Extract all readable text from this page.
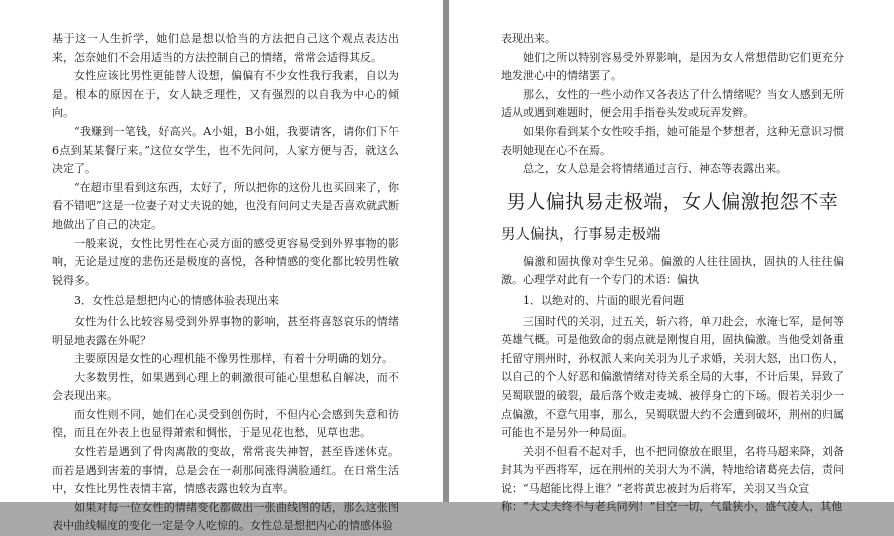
基于这一人生折学，她们总是想以恰当的方法把自己这个观点表达出来，怎奈她们不会用适当的方法控制自己的情绪，常常会适得其反。

女性应该比男性更能替人设想，偏偏有不少女性我行我素，自以为是。根本的原因在于，女人缺乏理性，又有强烈的以自我为中心的倾向。

“我赚到一笔钱，好高兴。A小姐，B小姐，我要请客，请你们下午6点到某某餐厅来。”这位女学生，也不先问问，人家方便与否，就这么决定了。

“在超市里看到这东西，太好了，所以把你的这份儿也买回来了，你看不错吧”这是一位妻子对丈夫说的她，也没有问问丈夫是否喜欢就武断地做出了自己的决定。

一般来说，女性比男性在心灵方面的感受更容易受到外界事物的影响，无论是过度的悲伤还是极度的喜悦，各种情感的变化都比较男性敏锐得多。

3．女性总是想把内心的情感体验表现出来

女性为什么比较容易受到外界事物的影响，甚至将喜怒哀乐的情绪明显地表露在外呢？

主要原因是女性的心理机能不像男性那样，有着十分明确的划分。

大多数男性，如果遇到心理上的刺激很可能心里想私自解决，而不会表现出来。

而女性则不同，她们在心灵受到创伤时，不但内心会感到失意和彷徨，而且在外表上也显得萧索和惆怅，于是见花也愁，见草也悲。

女性若是遇到了骨肉离散的变故，常常丧失神智，甚至昏迷休克。而若是遇到害羞的事情，总是会在一刹那间涨得满脸通红。在日常生活中，女性比男性表情丰富，情感表露也较为直率。

如果对每一位女性的情绪变化都做出一张曲线图的话，那么这张图表中曲线幅度的变化一定是令人吃惊的。女性总是想把内心的情感体验

表现出来。

她们之所以特别容易受外界影响，是因为女人常想借助它们更充分地发泄心中的情绪罢了。

那么，女性的一些小动作又各表达了什么情绪呢？当女人感到无所适从或遇到难题时，便会用手指卷头发或玩弄发辫。

如果你看到某个女性咬手指，她可能是个梦想者，这种无意识习惯表明她现在心不在焉。

总之，女人总是会将情绪通过言行、神态等表露出来。

男人偏执易走极端，女人偏激抱怨不幸
男人偏执，行事易走极端

偏激和固执像对孪生兄弟。偏激的人往往固执，固执的人往往偏激。心理学对此有一个专门的术语：偏执

1．以绝对的、片面的眼光看问题

三国时代的关羽，过五关，斩六将，单刀赴会，水淹七军，是何等英雄气概。可是他致命的弱点就是刚愎自用，固执偏激。当他受刘备重托留守荆州时，孙权派人来向关羽为儿子求婚，关羽大怒，出口伤人，以自己的个人好恶和偏激情绪对待关系全局的大事，不计后果，异致了吴蜀联盟的破裂，最后落个败走麦城、被俘身亡的下场。假若关羽少一点偏激，不意气用事，那么，吴蜀联盟大约不会遭到破坏，荆州的归属可能也不是另外一种局面。

关羽不但看不起对手，也不把同僚放在眼里，名将马超来降，刘备封其为平西将军，远在荆州的关羽大为不满，特地给诸葛亮去信，责问说：“马超能比得上谁？”老将黄忠被封为后将军，关羽又当众宣

称：“大丈夫终不与老兵同列！”目空一切，气量狭小，盛气凌人，其他
